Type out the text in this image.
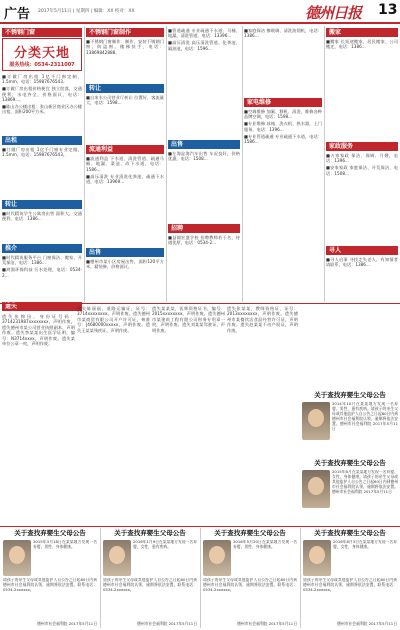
广告 2017年5月11日 | 星期四 | 编辑：XX 校对：XX	德州日报 13
不锈钢门窗
分类天地
服务热线：0534-2311007

■订做厂房出租 1亿千门窗定制，1.5mm，电话：15987676543。

■订做厂房出租价格便宜 独立院落，交通便利，水电齐全，价格面议，电话：13869...。

■陈山办公楼出租：张山新区商业区办公楼出租，面积200平方米。

出租

■订做厂房出租 1亿千门窗专业定做，1.5mm，电话：15987676543。

转让

■时代精英学生公寓房出售 面积大，交通便利，电话：1386...

推介

■时代精英服务平台 门窗保洁、搬家、开荒保洁，电话：1386...

■鸿润环保科技 污水处理，电话：0534-2...

遗失
不锈钢门窗制作

■不锈钢门窗制作：制作、安装不锈钢门窗，防盗窗，楼梯扶手，电话：13869842888。

转让

■自来水公司营业厅转让 位置好，客流量大，电话：1598...

流通利益

■流通利益 下水道、清洗管道、疏通马桶、地漏、菜池、改下水道，电话：1586...

■高压清洗 专业清洗化粪池、疏通下水道，电话：13969...

出售

■德州市某小区房屋出售，面积120平方米，精装修，价格面议。

■管道疏通 专业疏通下水道、马桶、地漏，清洗管道，电话：13396...

■高压清洗 高压清洗管道、化粪池、隔油池，电话：1596...

出售

■左海淀海汽车出售 车况良好，价格优惠，电话：1508...

招聘

■益阁宏盛学校 招聘教师若干名，待遇优厚，电话：0534-2...

■家庭保洁 擦玻璃、清洗油烟机，电话：1386...

家电维修

■空调维修 加氟、移机、清洗、维修各种品牌空调，电话：1598...

■专业维修 冰箱、洗衣机、热水器，上门服务，电话：1396...

■专业管道疏通 专业疏通下水道，电话：1586...

搬家

■搬家 长短途搬家、居民搬家、公司搬迁，电话：1386...

家政服务

■万家家政 保洁、保姆、月嫂，电话：1396...

■安家家政 家庭保洁、开荒保洁，电话：1508...

寻人

■寻人启事 寻找走失老人，有知情者请联系，电话：1386...

遗失张锦田，身份证号码：3714231987xxxxxxxx，声明作废。遗失德州市某公司营业执照副本，声明作废。遗失李某某出生医学证明，编号：N3714xxxx，声明作废。遗失某单位公章一枚，声明作废。

遗失陈丽丽，道路运输证，证号：3714xxxxxxxx，声明作废。遗失德州市某商贸有限公司开户许可证，核准号：J4680000xxxxx，声明作废。遗失王某某残疾证，声明作废。

遗失某某某，医师资格证书，编号：2015xxxxxxxx，声明作废。遗失德州市某建筑工程有限公司财务专用章一枚，声明作废。遗失刘某某驾驶证，声明作废。

遗失张某某，教师资格证，证号：2013xxxxxxxx，声明作废。遗失德州市某餐饮店食品经营许可证，声明作废。遗失赵某某不动产权证，声明作废。

关于查找弃婴生父母公告
2014年10月在某某地方发现一名弃婴，男性，患有疾病。请孩子的亲生父母或其他监护人自公告之日起60日内到德州市社会福利院认领，逾期将依法安置。德州市社会福利院 2017年5月11日
关于查找弃婴生父母公告
2015年6月在某某地方发现一名弃婴，女性，身体健康。请孩子的亲生父母或其他监护人自公告之日起60日内到德州市社会福利院认领，逾期将依法安置。德州市社会福利院 2017年5月11日
关于查找弃婴生父母公告
2015年3月18日在某某地方发现一名弃婴，男性，身体健康。
请孩子的亲生父母或其他监护人自公告之日起60日内到德州市社会福利院认领，逾期将依法安置。联系电话：0534-2xxxxxx。
德州市社会福利院 2017年5月11日
关于查找弃婴生父母公告
2016年1月9日在某某地方发现一名弃婴，女性，患有疾病。
请孩子的亲生父母或其他监护人自公告之日起60日内到德州市社会福利院认领，逾期将依法安置。联系电话：0534-2xxxxxx。
德州市社会福利院 2017年5月11日
关于查找弃婴生父母公告
2016年5月20日在某某地方发现一名弃婴，男性，身体健康。
请孩子的亲生父母或其他监护人自公告之日起60日内到德州市社会福利院认领，逾期将依法安置。联系电话：0534-2xxxxxx。
德州市社会福利院 2017年5月11日
关于查找弃婴生父母公告
2016年8月3日在某某地方发现一名弃婴，女性，身体健康。
请孩子的亲生父母或其他监护人自公告之日起60日内到德州市社会福利院认领，逾期将依法安置。联系电话：0534-2xxxxxx。
德州市社会福利院 2017年5月11日
